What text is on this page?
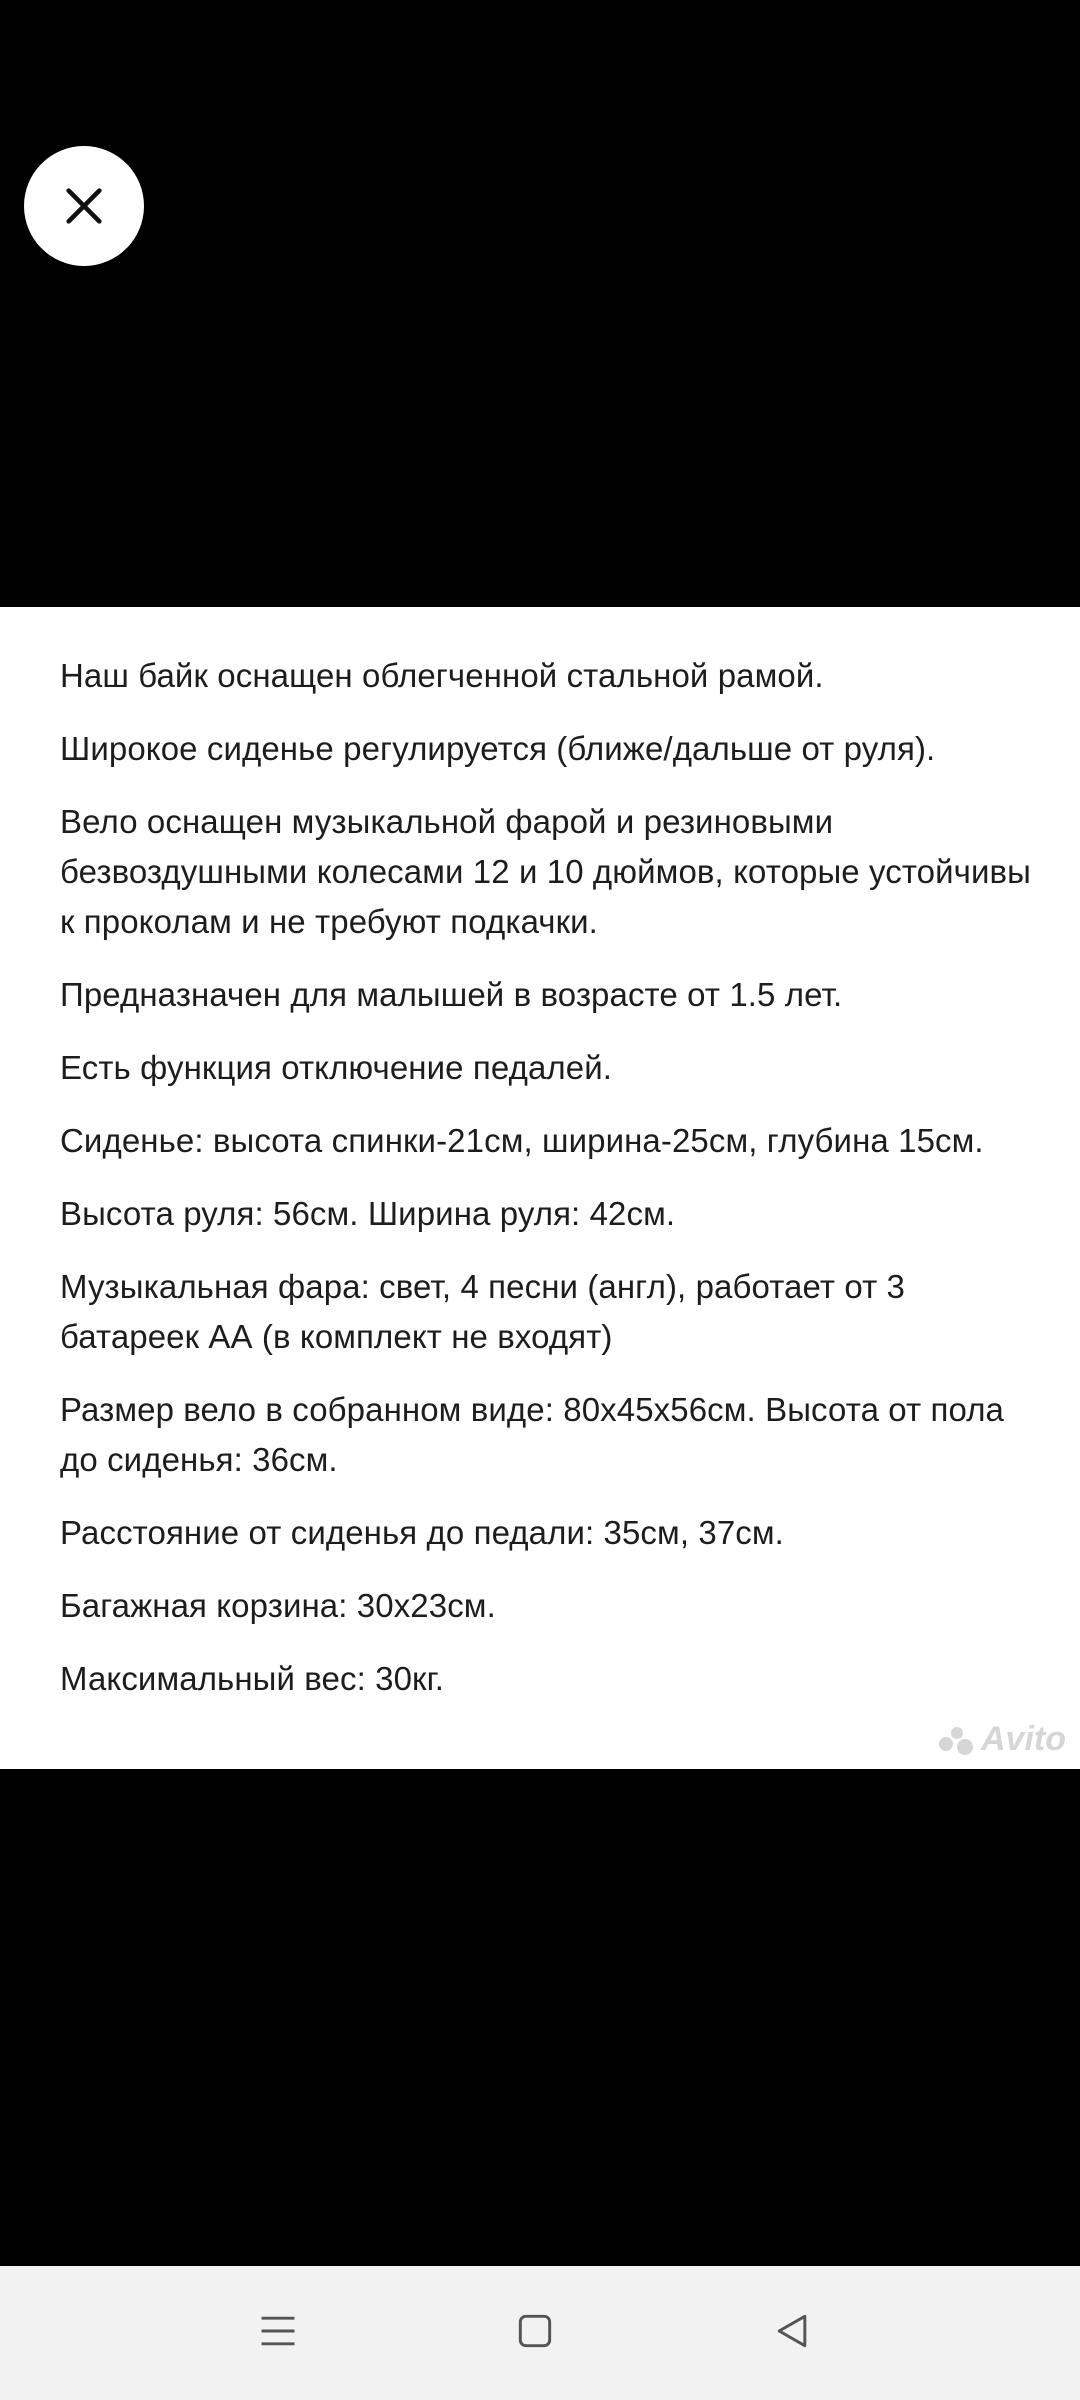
Наш байк оснащен облегченной стальной рамой.

Широкое сиденье регулируется (ближе/дальше от руля).

Вело оснащен музыкальной фарой и резиновыми безвоздушными колесами 12 и 10 дюймов, которые устойчивы к проколам и не требуют подкачки.

Предназначен для малышей в возрасте от 1.5 лет.

Есть функция отключение педалей.

Сиденье: высота спинки-21см, ширина-25см, глубина 15см.

Высота руля: 56см. Ширина руля: 42см.

Музыкальная фара: свет, 4 песни (англ), работает от 3 батареек АА (в комплект не входят)

Размер вело в собранном виде: 80х45х56см. Высота от пола до сиденья: 36см.

Расстояние от сиденья до педали: 35см, 37см.

Багажная корзина: 30х23см.

Максимальный вес: 30кг.

Avito
